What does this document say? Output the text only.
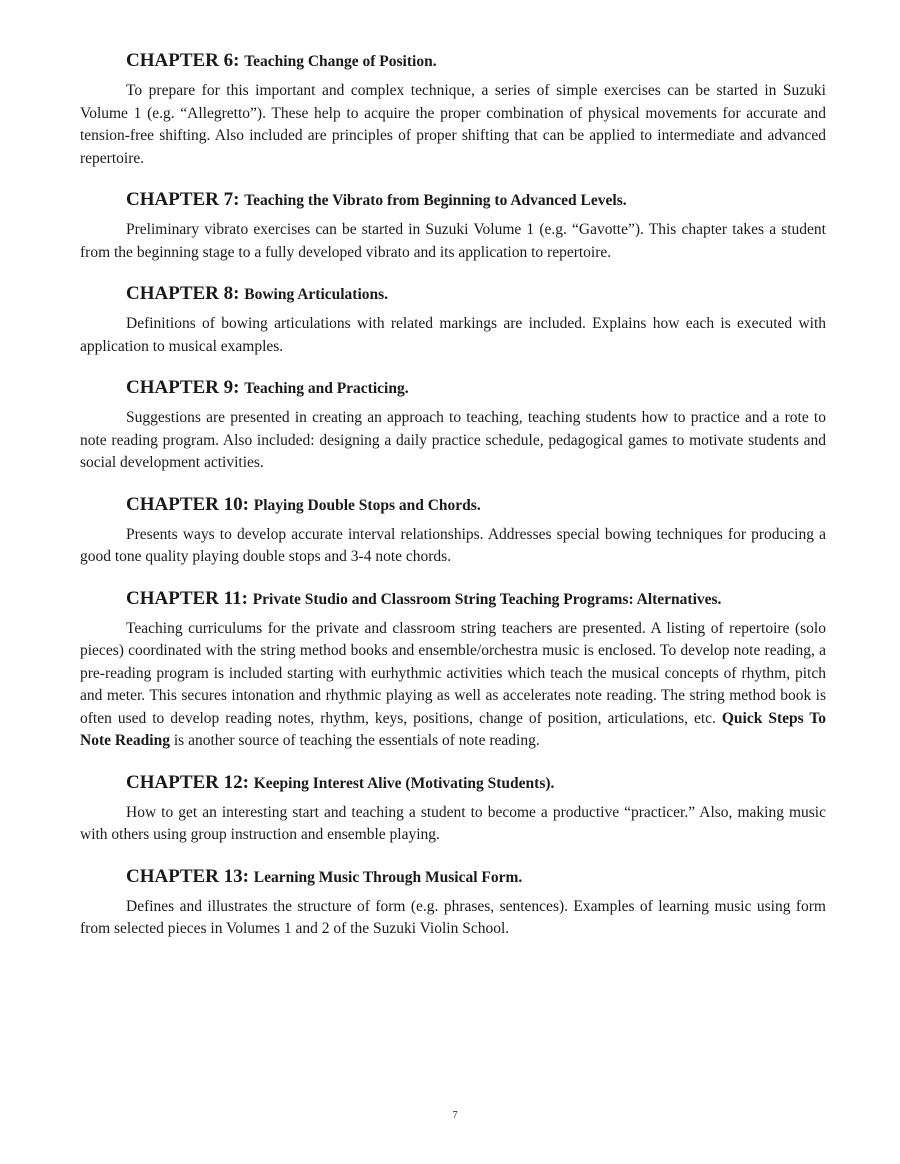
CHAPTER 6: Teaching Change of Position.

To prepare for this important and complex technique, a series of simple exercises can be started in Suzuki Volume 1 (e.g. “Allegretto”). These help to acquire the proper combination of physical movements for accurate and tension-free shifting. Also included are principles of proper shifting that can be applied to intermediate and advanced repertoire.

CHAPTER 7: Teaching the Vibrato from Beginning to Advanced Levels.

Preliminary vibrato exercises can be started in Suzuki Volume 1 (e.g. “Gavotte”). This chapter takes a student from the beginning stage to a fully developed vibrato and its application to repertoire.

CHAPTER 8: Bowing Articulations.

Definitions of bowing articulations with related markings are included. Explains how each is executed with application to musical examples.

CHAPTER 9: Teaching and Practicing.

Suggestions are presented in creating an approach to teaching, teaching students how to practice and a rote to note reading program. Also included: designing a daily practice schedule, pedagogical games to motivate students and social development activities.

CHAPTER 10: Playing Double Stops and Chords.

Presents ways to develop accurate interval relationships. Addresses special bowing techniques for producing a good tone quality playing double stops and 3-4 note chords.

CHAPTER 11: Private Studio and Classroom String Teaching Programs: Alternatives.

Teaching curriculums for the private and classroom string teachers are presented. A listing of repertoire (solo pieces) coordinated with the string method books and ensemble/orchestra music is enclosed. To develop note reading, a pre-reading program is included starting with eurhythmic activities which teach the musical concepts of rhythm, pitch and meter. This secures intonation and rhythmic playing as well as accelerates note reading. The string method book is often used to develop reading notes, rhythm, keys, positions, change of position, articulations, etc. Quick Steps To Note Reading is another source of teaching the essentials of note reading.

CHAPTER 12: Keeping Interest Alive (Motivating Students).

How to get an interesting start and teaching a student to become a productive “practicer.” Also, making music with others using group instruction and ensemble playing.

CHAPTER 13: Learning Music Through Musical Form.

Defines and illustrates the structure of form (e.g. phrases, sentences). Examples of learning music using form from selected pieces in Volumes 1 and 2 of the Suzuki Violin School.

7
